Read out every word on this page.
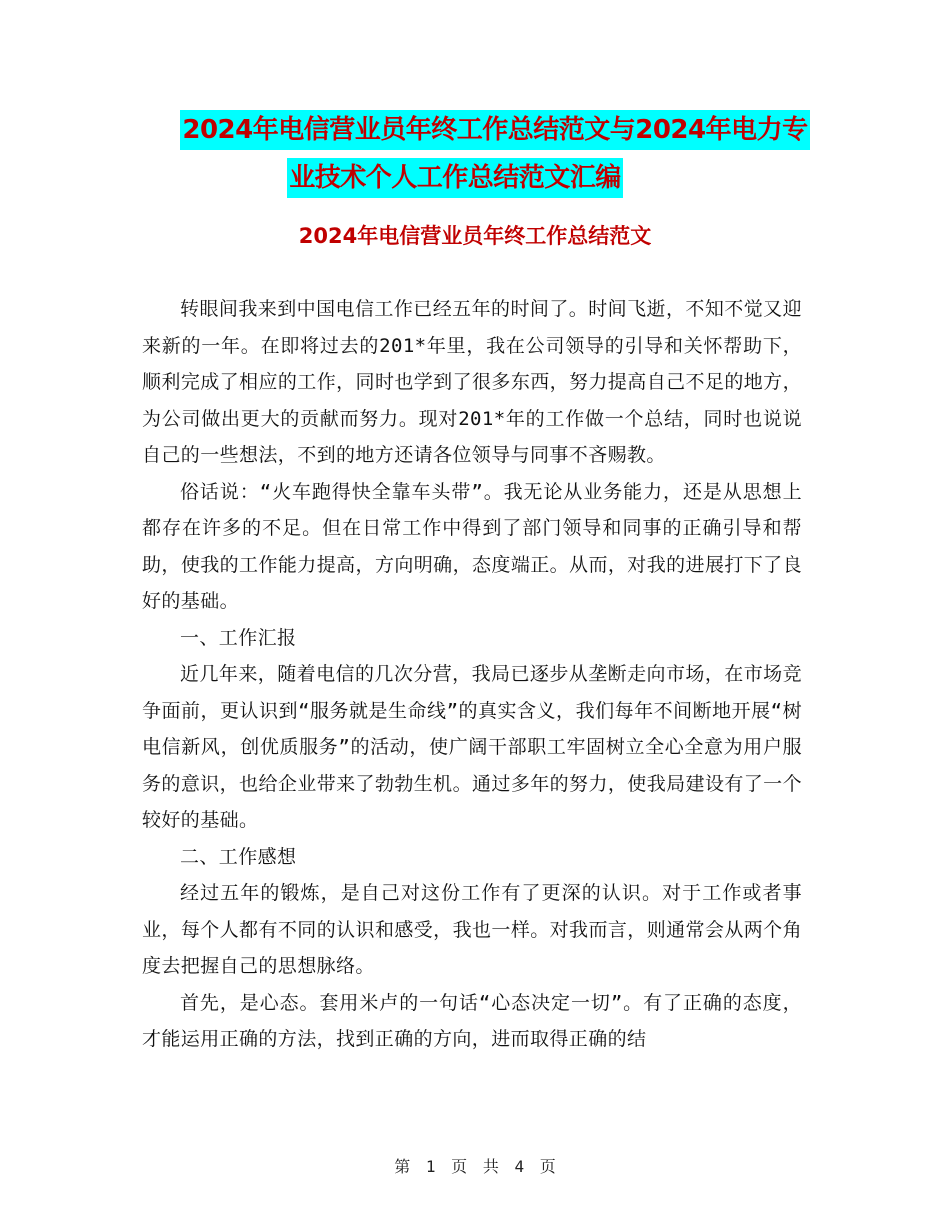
2024年电信营业员年终工作总结范文与2024年电力专
业技术个人工作总结范文汇编
2024年电信营业员年终工作总结范文

转眼间我来到中国电信工作已经五年的时间了。时间飞逝，不知不觉又迎来新的一年。在即将过去的201*年里，我在公司领导的引导和关怀帮助下，顺利完成了相应的工作，同时也学到了很多东西，努力提高自己不足的地方，为公司做出更大的贡献而努力。现对201*年的工作做一个总结，同时也说说自己的一些想法，不到的地方还请各位领导与同事不吝赐教。

俗话说：“火车跑得快全靠车头带”。我无论从业务能力，还是从思想上都存在许多的不足。但在日常工作中得到了部门领导和同事的正确引导和帮助，使我的工作能力提高，方向明确，态度端正。从而，对我的进展打下了良好的基础。

一、工作汇报

近几年来，随着电信的几次分营，我局已逐步从垄断走向市场，在市场竞争面前，更认识到“服务就是生命线”的真实含义，我们每年不间断地开展“树电信新风，创优质服务”的活动，使广阔干部职工牢固树立全心全意为用户服务的意识，也给企业带来了勃勃生机。通过多年的努力，使我局建设有了一个较好的基础。

二、工作感想

经过五年的锻炼，是自己对这份工作有了更深的认识。对于工作或者事业，每个人都有不同的认识和感受，我也一样。对我而言，则通常会从两个角度去把握自己的思想脉络。

首先，是心态。套用米卢的一句话“心态决定一切”。有了正确的态度，才能运用正确的方法，找到正确的方向，进而取得正确的结

第 1 页 共 4 页
